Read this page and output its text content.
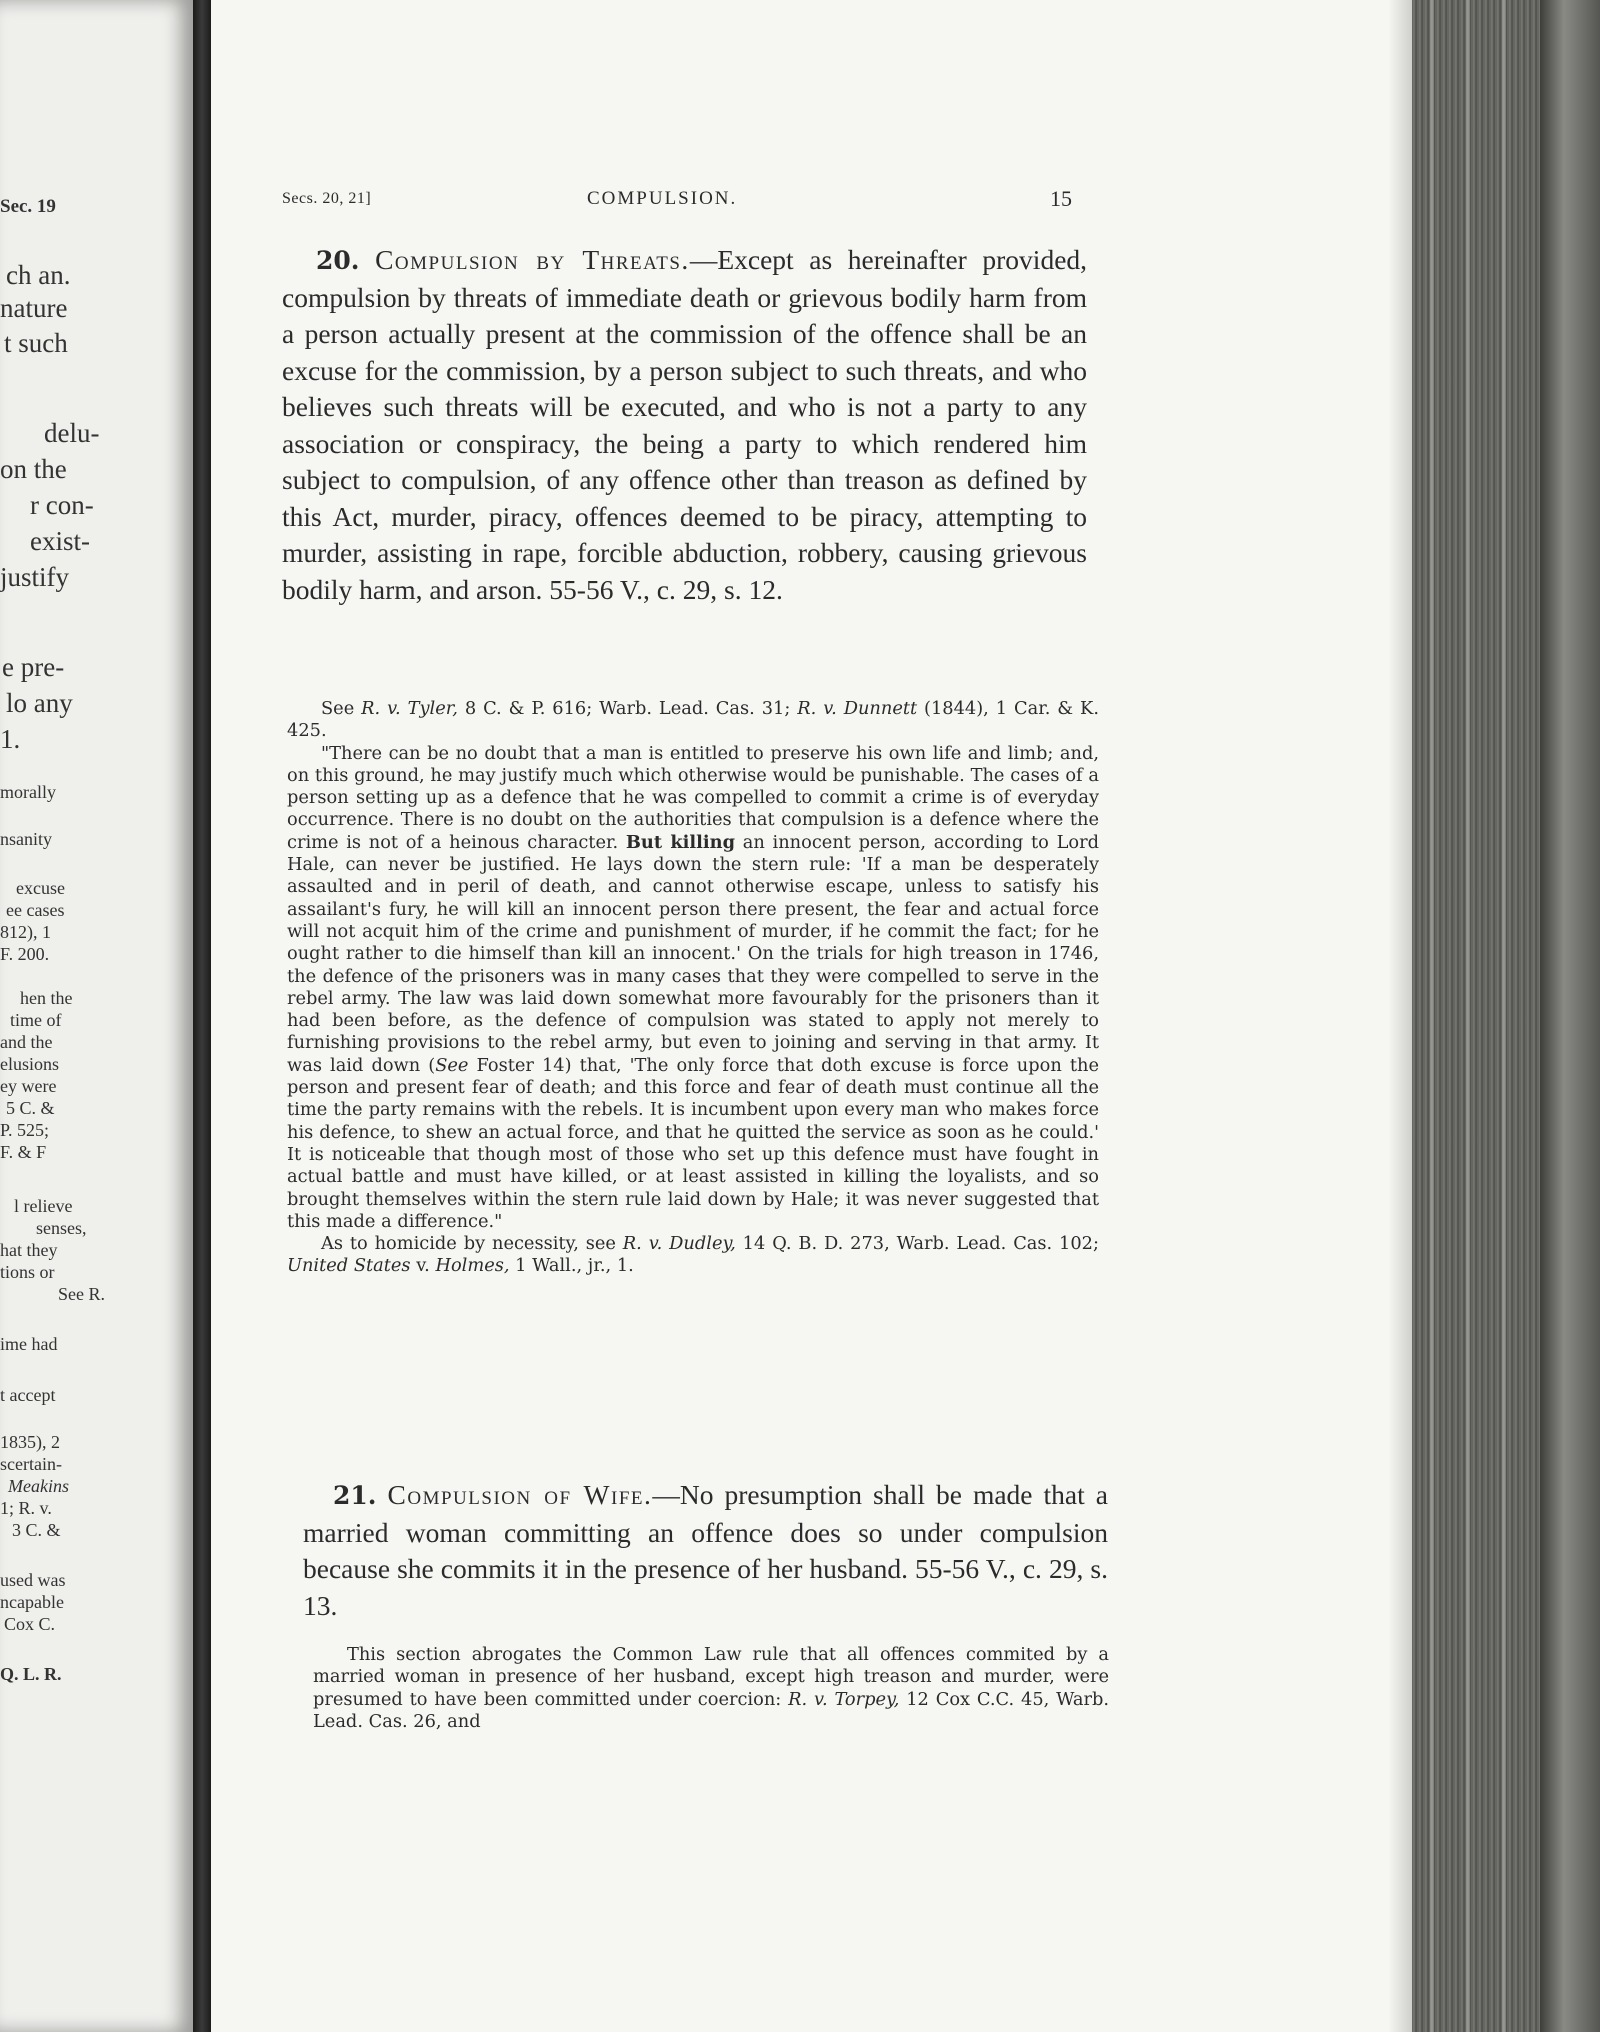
Sec. 19
ch an.
nature
t such
delu-
on the
r con-
exist-
justify
e pre-
lo any
1.
morally
nsanity
excuse
ee cases
812), 1
F. 200.
hen the
time of
and the
elusions
ey were
5 C. &
P. 525;
F. & F
l relieve
senses,
hat they
tions or
See R.
ime had
t accept
1835), 2
scertain-
Meakins
1; R. v.
3 C. &
used was
ncapable
Cox C.
Q. L. R.
Secs. 20, 21]	COMPULSION.	15
20. Compulsion by Threats.—Except as hereinafter provided, compulsion by threats of immediate death or grievous bodily harm from a person actually present at the commission of the offence shall be an excuse for the commission, by a person subject to such threats, and who believes such threats will be executed, and who is not a party to any association or conspiracy, the being a party to which rendered him subject to compulsion, of any offence other than treason as defined by this Act, murder, piracy, offences deemed to be piracy, attempting to murder, assisting in rape, forcible abduction, robbery, causing grievous bodily harm, and arson. 55-56 V., c. 29, s. 12.

See R. v. Tyler, 8 C. & P. 616; Warb. Lead. Cas. 31; R. v. Dunnett (1844), 1 Car. & K. 425.

"There can be no doubt that a man is entitled to preserve his own life and limb; and, on this ground, he may justify much which otherwise would be punishable. The cases of a person setting up as a defence that he was compelled to commit a crime is of everyday occurrence. There is no doubt on the authorities that compulsion is a defence where the crime is not of a heinous character. But killing an innocent person, according to Lord Hale, can never be justified. He lays down the stern rule: 'If a man be desperately assaulted and in peril of death, and cannot otherwise escape, unless to satisfy his assailant's fury, he will kill an innocent person there present, the fear and actual force will not acquit him of the crime and punishment of murder, if he commit the fact; for he ought rather to die himself than kill an innocent.' On the trials for high treason in 1746, the defence of the prisoners was in many cases that they were compelled to serve in the rebel army. The law was laid down somewhat more favourably for the prisoners than it had been before, as the defence of compulsion was stated to apply not merely to furnishing provisions to the rebel army, but even to joining and serving in that army. It was laid down (See Foster 14) that, 'The only force that doth excuse is force upon the person and present fear of death; and this force and fear of death must continue all the time the party remains with the rebels. It is incumbent upon every man who makes force his defence, to shew an actual force, and that he quitted the service as soon as he could.' It is noticeable that though most of those who set up this defence must have fought in actual battle and must have killed, or at least assisted in killing the loyalists, and so brought themselves within the stern rule laid down by Hale; it was never suggested that this made a difference."

As to homicide by necessity, see R. v. Dudley, 14 Q. B. D. 273, Warb. Lead. Cas. 102; United States v. Holmes, 1 Wall., jr., 1.

21. Compulsion of Wife.—No presumption shall be made that a married woman committing an offence does so under compulsion because she commits it in the presence of her husband. 55-56 V., c. 29, s. 13.

This section abrogates the Common Law rule that all offences commited by a married woman in presence of her husband, except high treason and murder, were presumed to have been committed under coercion: R. v. Torpey, 12 Cox C.C. 45, Warb. Lead. Cas. 26, and
